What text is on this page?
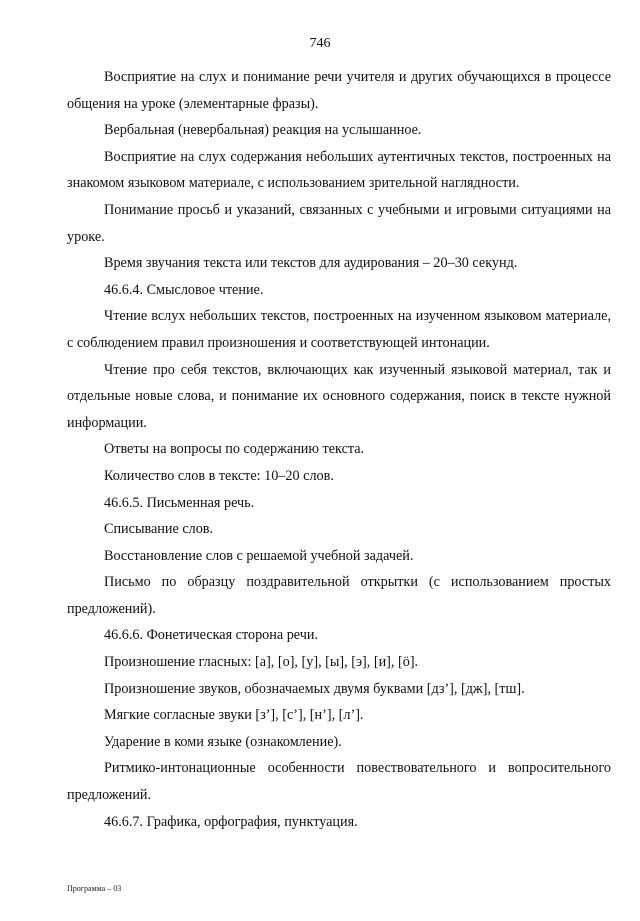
746

Восприятие на слух и понимание речи учителя и других обучающихся в процессе общения на уроке (элементарные фразы).

Вербальная (невербальная) реакция на услышанное.

Восприятие на слух содержания небольших аутентичных текстов, построенных на знакомом языковом материале, с использованием зрительной наглядности.

Понимание просьб и указаний, связанных с учебными и игровыми ситуациями на уроке.

Время звучания текста или текстов для аудирования – 20–30 секунд.

46.6.4. Смысловое чтение.

Чтение вслух небольших текстов, построенных на изученном языковом материале, с соблюдением правил произношения и соответствующей интонации.

Чтение про себя текстов, включающих как изученный языковой материал, так и отдельные новые слова, и понимание их основного содержания, поиск в тексте нужной информации.

Ответы на вопросы по содержанию текста.

Количество слов в тексте: 10–20 слов.

46.6.5. Письменная речь.

Списывание слов.

Восстановление слов с решаемой учебной задачей.

Письмо по образцу поздравительной открытки (с использованием простых предложений).

46.6.6. Фонетическая сторона речи.

Произношение гласных: [а], [о], [у], [ы], [э], [и], [ӧ].

Произношение звуков, обозначаемых двумя буквами [дз’], [дж], [тш].

Мягкие согласные звуки [з’], [с’], [н’], [л’].

Ударение в коми языке (ознакомление).

Ритмико-интонационные особенности повествовательного и вопросительного предложений.

46.6.7. Графика, орфография, пунктуация.

Программа – 03
